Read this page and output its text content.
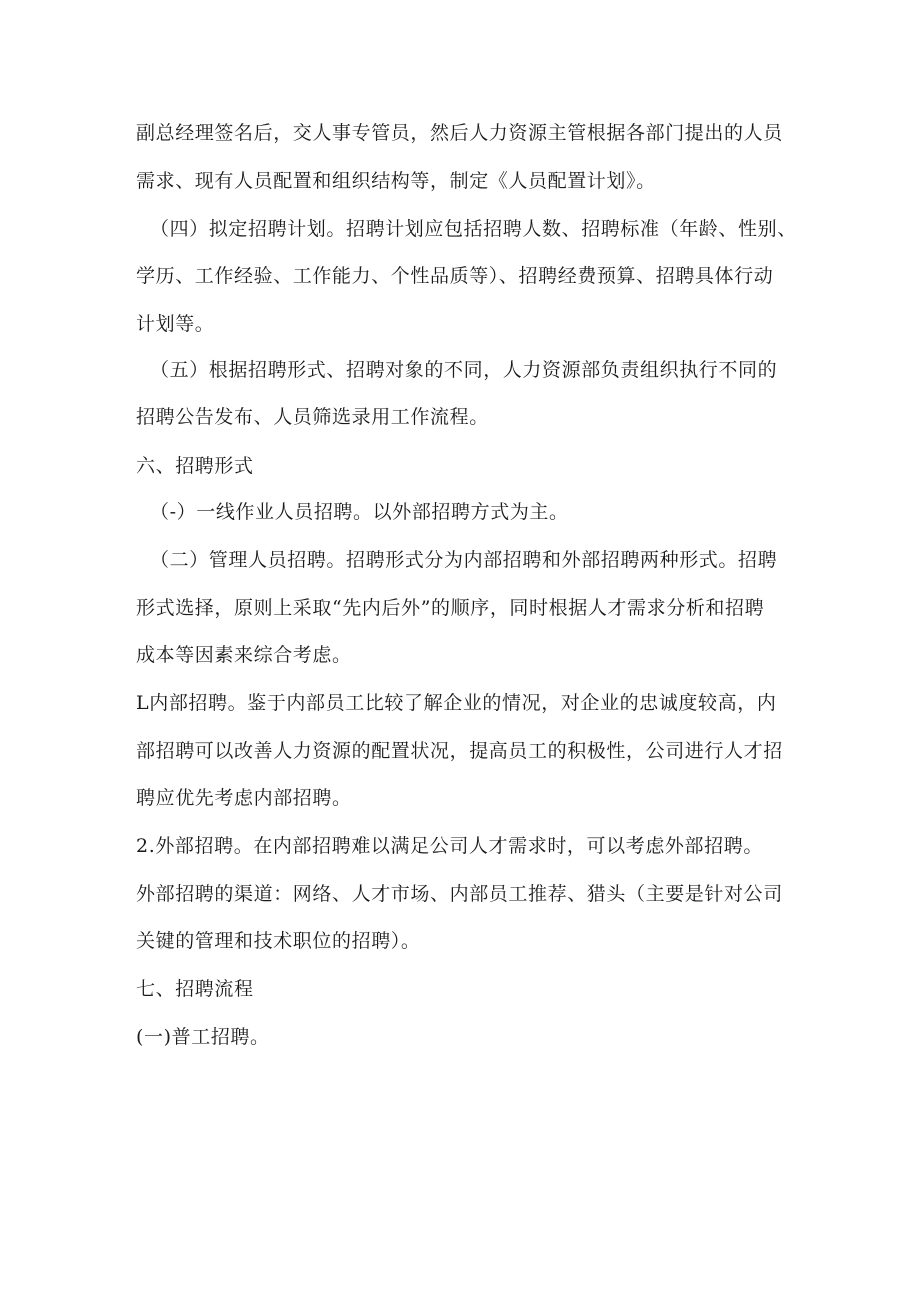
副总经理签名后，交人事专管员，然后人力资源主管根据各部门提出的人员
需求、现有人员配置和组织结构等，制定《人员配置计划》。
（四）拟定招聘计划。招聘计划应包括招聘人数、招聘标准（年龄、性别、
学历、工作经验、工作能力、个性品质等）、招聘经费预算、招聘具体行动
计划等。
（五）根据招聘形式、招聘对象的不同，人力资源部负责组织执行不同的
招聘公告发布、人员筛选录用工作流程。
六、招聘形式
（-）一线作业人员招聘。以外部招聘方式为主。
（二）管理人员招聘。招聘形式分为内部招聘和外部招聘两种形式。招聘
形式选择，原则上采取“先内后外”的顺序，同时根据人才需求分析和招聘
成本等因素来综合考虑。
L内部招聘。鉴于内部员工比较了解企业的情况，对企业的忠诚度较高，内
部招聘可以改善人力资源的配置状况，提高员工的积极性，公司进行人才招
聘应优先考虑内部招聘。
2.外部招聘。在内部招聘难以满足公司人才需求时，可以考虑外部招聘。
外部招聘的渠道：网络、人才市场、内部员工推荐、猎头（主要是针对公司
关键的管理和技术职位的招聘）。
七、招聘流程
(一)普工招聘。
